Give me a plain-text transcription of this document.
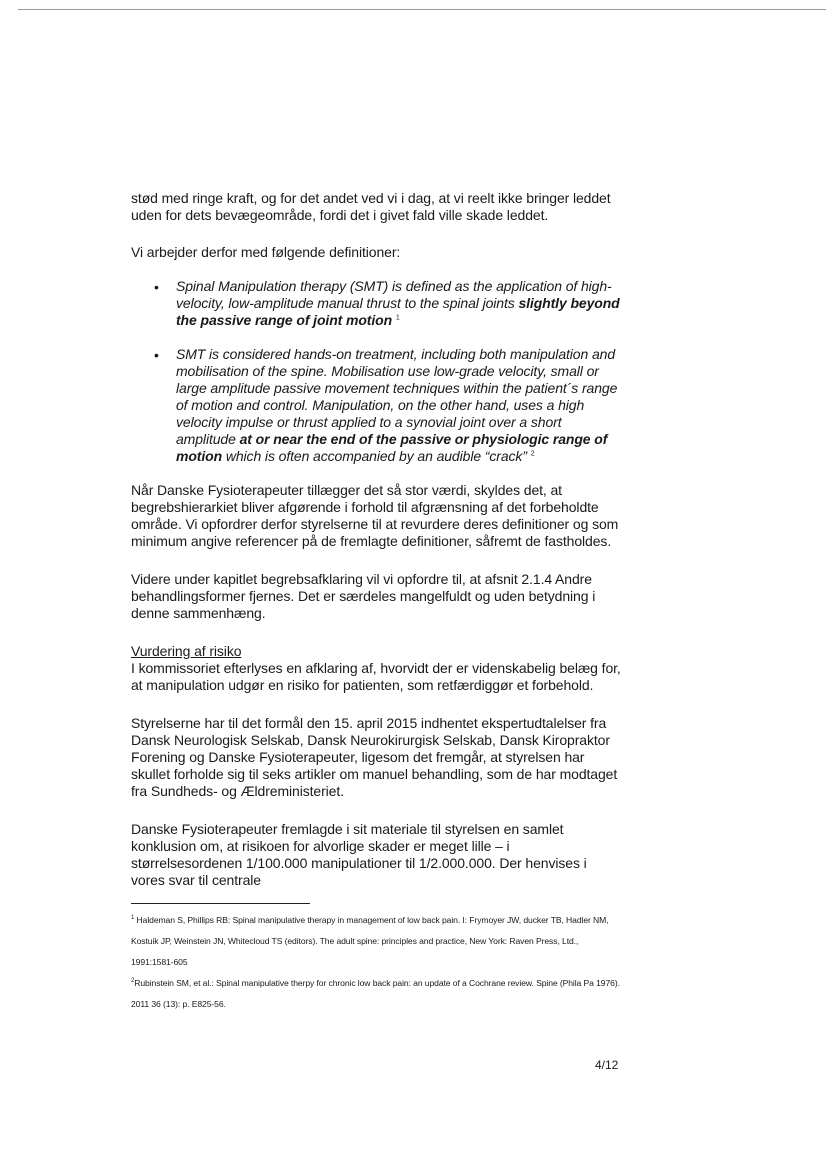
stød med ringe kraft, og for det andet ved vi i dag, at vi reelt ikke bringer leddet uden for dets bevægeområde, fordi det i givet fald ville skade leddet.

Vi arbejder derfor med følgende definitioner:

• Spinal Manipulation therapy (SMT) is defined as the application of high-velocity, low-amplitude manual thrust to the spinal joints slightly beyond the passive range of joint motion $^1$
• SMT is considered hands-on treatment, including both manipulation and mobilisation of the spine. Mobilisation use low-grade velocity, small or large amplitude passive movement techniques within the patient´s range of motion and control. Manipulation, on the other hand, uses a high velocity impulse or thrust applied to a synovial joint over a short amplitude at or near the end of the passive or physiologic range of motion which is often accompanied by an audible “crack” $^2$

Når Danske Fysioterapeuter tillægger det så stor værdi, skyldes det, at begrebshierarkiet bliver afgørende i forhold til afgrænsning af det forbeholdte område. Vi opfordrer derfor styrelserne til at revurdere deres definitioner og som minimum angive referencer på de fremlagte definitioner, såfremt de fastholdes.

Videre under kapitlet begrebsafklaring vil vi opfordre til, at afsnit 2.1.4 Andre behandlingsformer fjernes. Det er særdeles mangelfuldt og uden betydning i denne sammenhæng.

Vurdering af risiko

I kommissoriet efterlyses en afklaring af, hvorvidt der er videnskabelig belæg for, at manipulation udgør en risiko for patienten, som retfærdiggør et forbehold.

Styrelserne har til det formål den 15. april 2015 indhentet ekspertudtalelser fra Dansk Neurologisk Selskab, Dansk Neurokirurgisk Selskab, Dansk Kiropraktor Forening og Danske Fysioterapeuter, ligesom det fremgår, at styrelsen har skullet forholde sig til seks artikler om manuel behandling, som de har modtaget fra Sundheds- og Ældreministeriet.

Danske Fysioterapeuter fremlagde i sit materiale til styrelsen en samlet konklusion om, at risikoen for alvorlige skader er meget lille – i størrelsesordenen 1/100.000 manipulationer til 1/2.000.000. Der henvises i vores svar til centrale

$^1$ Haldeman S, Phillips RB: Spinal manipulative therapy in management of low back pain. I: Frymoyer JW, ducker TB, Hadler NM, Kostuik JP, Weinstein JN, Whitecloud TS (editors). The adult spine: principles and practice, New York: Raven Press, Ltd., 1991:1581-605
$^2$Rubinstein SM, et al.: Spinal manipulative therpy for chronic low back pain: an update of a Cochrane review. Spine (Phila Pa 1976). 2011 36 (13): p. E825-56.
4/12
